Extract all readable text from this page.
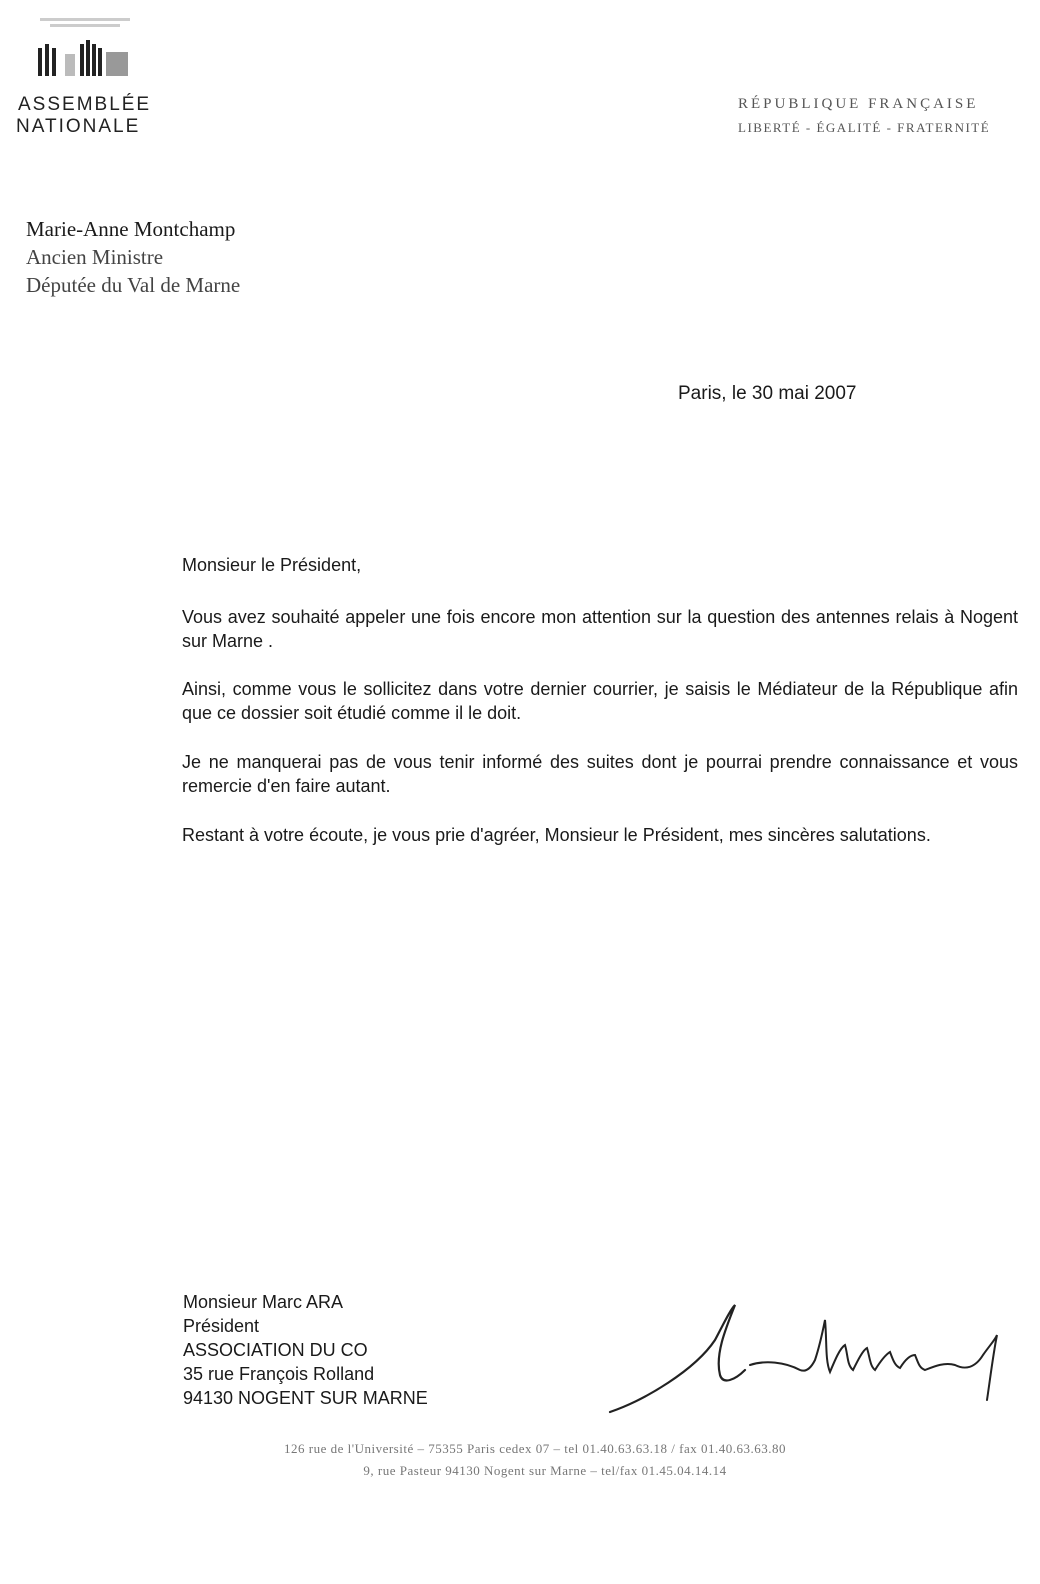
ASSEMBLÉE
NATIONALE
RÉPUBLIQUE FRANÇAISE
LIBERTÉ - ÉGALITÉ - FRATERNITÉ
Marie-Anne Montchamp
Ancien Ministre
Députée du Val de Marne
Paris, le 30 mai 2007
Monsieur le Président,
Vous avez souhaité appeler une fois encore mon attention sur la question des antennes relais à Nogent sur Marne .
Ainsi, comme vous le sollicitez dans votre dernier courrier, je saisis le Médiateur de la République afin que ce dossier soit étudié comme il le doit.
Je ne manquerai pas de vous tenir informé des suites dont je pourrai prendre connaissance et vous remercie d'en faire autant.
Restant à votre écoute, je vous prie d'agréer, Monsieur le Président, mes sincères salutations.
Monsieur Marc ARA
Président
ASSOCIATION DU CO
35 rue François Rolland
94130 NOGENT SUR MARNE
126 rue de l'Université – 75355 Paris cedex 07 – tel 01.40.63.63.18 / fax 01.40.63.63.80
9, rue Pasteur 94130 Nogent sur Marne – tel/fax 01.45.04.14.14
